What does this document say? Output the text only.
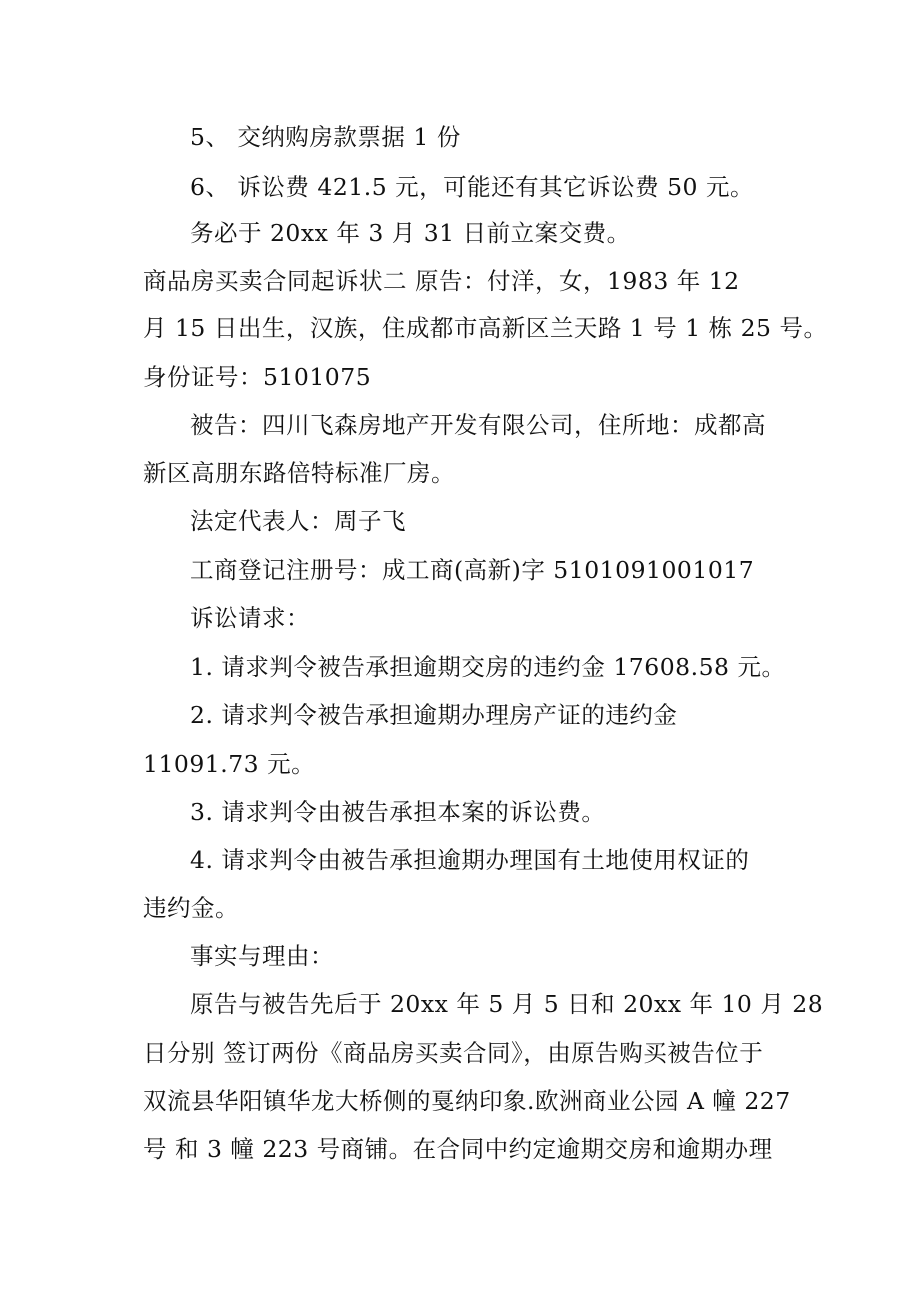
5、 交纳购房款票据 1 份
6、 诉讼费 421.5 元，可能还有其它诉讼费 50 元。
务必于 20xx 年 3 月 31 日前立案交费。
商品房买卖合同起诉状二 原告：付洋，女，1983 年 12
月 15 日出生，汉族，住成都市高新区兰天路 1 号 1 栋 25 号。
身份证号：5101075
被告：四川飞森房地产开发有限公司，住所地：成都高
新区高朋东路倍特标准厂房。
法定代表人：周子飞
工商登记注册号：成工商(高新)字 5101091001017
诉讼请求：
1. 请求判令被告承担逾期交房的违约金 17608.58 元。
2. 请求判令被告承担逾期办理房产证的违约金
11091.73 元。
3. 请求判令由被告承担本案的诉讼费。
4. 请求判令由被告承担逾期办理国有土地使用权证的
违约金。
事实与理由：
原告与被告先后于 20xx 年 5 月 5 日和 20xx 年 10 月 28
日分别 签订两份《商品房买卖合同》，由原告购买被告位于
双流县华阳镇华龙大桥侧的戛纳印象.欧洲商业公园 A 幢 227
号 和 3 幢 223 号商铺。在合同中约定逾期交房和逾期办理
